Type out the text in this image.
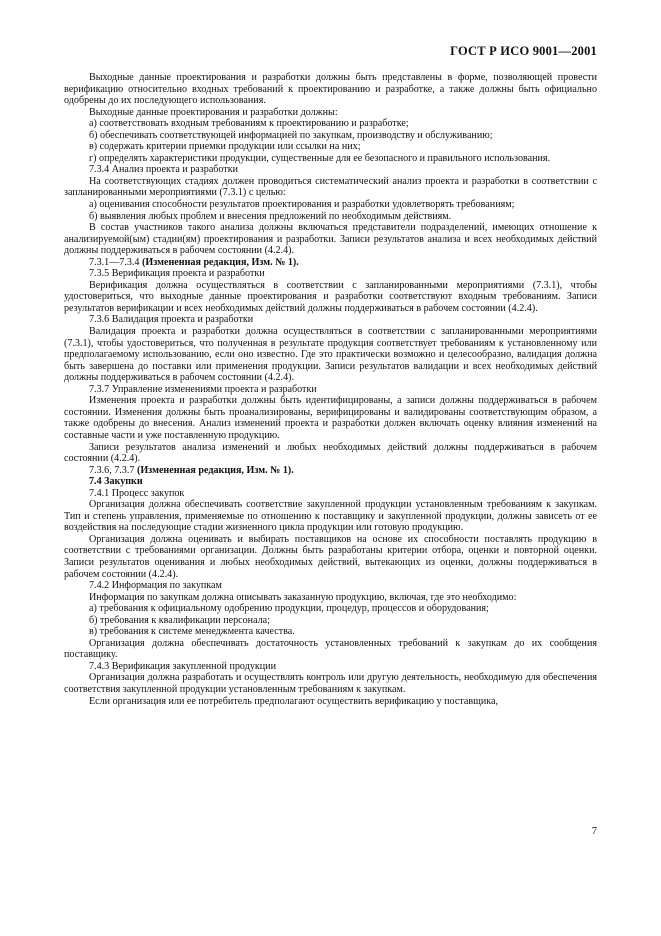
ГОСТ Р ИСО 9001—2001

Выходные данные проектирования и разработки должны быть представлены в форме, позволяющей провести верификацию относительно входных требований к проектированию и разработке, а также должны быть официально одобрены до их последующего использования.

Выходные данные проектирования и разработки должны:

а) соответствовать входным требованиям к проектированию и разработке;

б) обеспечивать соответствующей информацией по закупкам, производству и обслуживанию;

в) содержать критерии приемки продукции или ссылки на них;

г) определять характеристики продукции, существенные для ее безопасного и правильного использования.

7.3.4 Анализ проекта и разработки

На соответствующих стадиях должен проводиться систематический анализ проекта и разработки в соответствии с запланированными мероприятиями (7.3.1) с целью:

а) оценивания способности результатов проектирования и разработки удовлетворять требованиям;

б) выявления любых проблем и внесения предложений по необходимым действиям.

В состав участников такого анализа должны включаться представители подразделений, имеющих отношение к анализируемой(ым) стадии(ям) проектирования и разработки. Записи результатов анализа и всех необходимых действий должны поддерживаться в рабочем состоянии (4.2.4).

7.3.1—7.3.4 (Измененная редакция, Изм. № 1).

7.3.5 Верификация проекта и разработки

Верификация должна осуществляться в соответствии с запланированными мероприятиями (7.3.1), чтобы удостовериться, что выходные данные проектирования и разработки соответствуют входным требованиям. Записи результатов верификации и всех необходимых действий должны поддерживаться в рабочем состоянии (4.2.4).

7.3.6 Валидация проекта и разработки

Валидация проекта и разработки должна осуществляться в соответствии с запланированными мероприятиями (7.3.1), чтобы удостовериться, что полученная в результате продукция соответствует требованиям к установленному или предполагаемому использованию, если оно известно. Где это практически возможно и целесообразно, валидация должна быть завершена до поставки или применения продукции. Записи результатов валидации и всех необходимых действий должны поддерживаться в рабочем состоянии (4.2.4).

7.3.7 Управление изменениями проекта и разработки

Изменения проекта и разработки должны быть идентифицированы, а записи должны поддерживаться в рабочем состоянии. Изменения должны быть проанализированы, верифицированы и валидированы соответствующим образом, а также одобрены до внесения. Анализ изменений проекта и разработки должен включать оценку влияния изменений на составные части и уже поставленную продукцию.

Записи результатов анализа изменений и любых необходимых действий должны поддерживаться в рабочем состоянии (4.2.4).

7.3.6, 7.3.7 (Измененная редакция, Изм. № 1).

7.4 Закупки

7.4.1 Процесс закупок

Организация должна обеспечивать соответствие закупленной продукции установленным требованиям к закупкам. Тип и степень управления, применяемые по отношению к поставщику и закупленной продукции, должны зависеть от ее воздействия на последующие стадии жизненного цикла продукции или готовую продукцию.

Организация должна оценивать и выбирать поставщиков на основе их способности поставлять продукцию в соответствии с требованиями организации. Должны быть разработаны критерии отбора, оценки и повторной оценки. Записи результатов оценивания и любых необходимых действий, вытекающих из оценки, должны поддерживаться в рабочем состоянии (4.2.4).

7.4.2 Информация по закупкам

Информация по закупкам должна описывать заказанную продукцию, включая, где это необходимо:

а) требования к официальному одобрению продукции, процедур, процессов и оборудования;

б) требования к квалификации персонала;

в) требования к системе менеджмента качества.

Организация должна обеспечивать достаточность установленных требований к закупкам до их сообщения поставщику.

7.4.3 Верификация закупленной продукции

Организация должна разработать и осуществлять контроль или другую деятельность, необходимую для обеспечения соответствия закупленной продукции установленным требованиям к закупкам.

Если организация или ее потребитель предполагают осуществить верификацию у поставщика,

7
